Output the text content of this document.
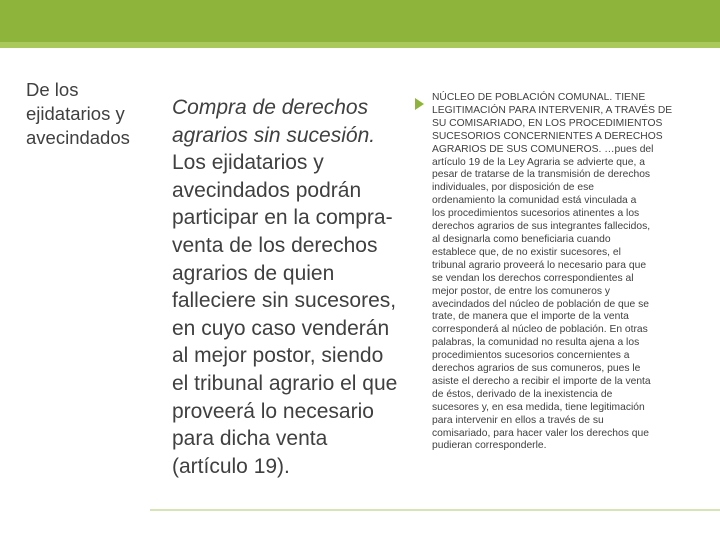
De los
ejidatarios y
avecindados
Compra de derechos
agrarios sin sucesión.
Los ejidatarios y
avecindados podrán
participar en la compra-
venta de los derechos
agrarios de quien
falleciere sin sucesores,
en cuyo caso venderán
al mejor postor, siendo
el tribunal agrario el que
proveerá lo necesario
para dicha venta
(artículo 19).
NÚCLEO DE POBLACIÓN COMUNAL. TIENE
LEGITIMACIÓN PARA INTERVENIR, A TRAVÉS DE
SU COMISARIADO, EN LOS PROCEDIMIENTOS
SUCESORIOS CONCERNIENTES A DERECHOS
AGRARIOS DE SUS COMUNEROS. …pues del
artículo 19 de la Ley Agraria se advierte que, a
pesar de tratarse de la transmisión de derechos
individuales, por disposición de ese
ordenamiento la comunidad está vinculada a
los procedimientos sucesorios atinentes a los
derechos agrarios de sus integrantes fallecidos,
al designarla como beneficiaria cuando
establece que, de no existir sucesores, el
tribunal agrario proveerá lo necesario para que
se vendan los derechos correspondientes al
mejor postor, de entre los comuneros y
avecindados del núcleo de población de que se
trate, de manera que el importe de la venta
corresponderá al núcleo de población. En otras
palabras, la comunidad no resulta ajena a los
procedimientos sucesorios concernientes a
derechos agrarios de sus comuneros, pues le
asiste el derecho a recibir el importe de la venta
de éstos, derivado de la inexistencia de
sucesores y, en esa medida, tiene legitimación
para intervenir en ellos a través de su
comisariado, para hacer valer los derechos que
pudieran corresponderle.
